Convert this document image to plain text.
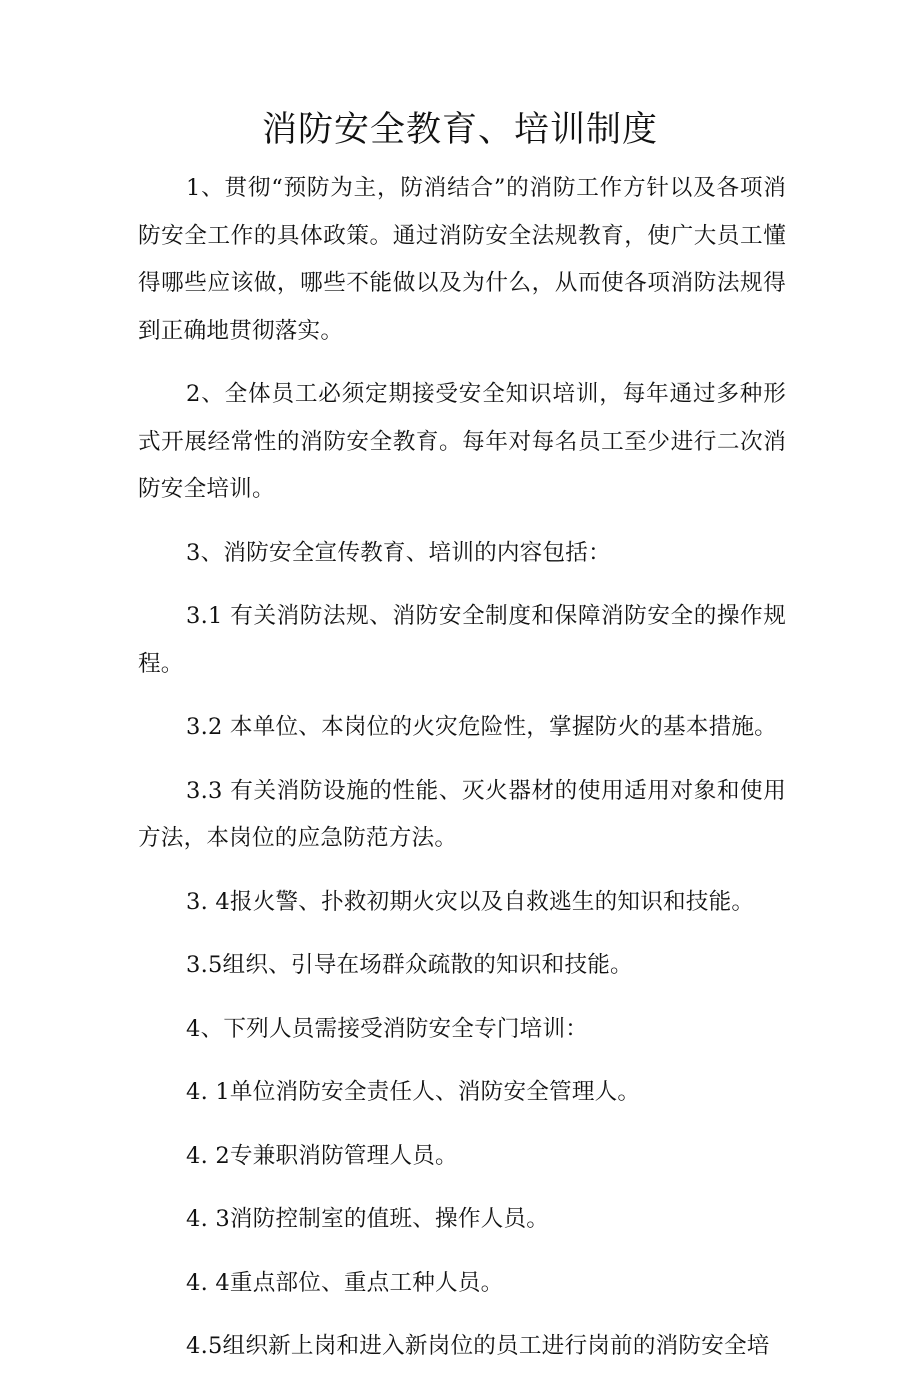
消防安全教育、培训制度

1、贯彻“预防为主，防消结合”的消防工作方针以及各项消防安全工作的具体政策。通过消防安全法规教育，使广大员工懂得哪些应该做，哪些不能做以及为什么，从而使各项消防法规得到正确地贯彻落实。

2、全体员工必须定期接受安全知识培训，每年通过多种形式开展经常性的消防安全教育。每年对每名员工至少进行二次消防安全培训。

3、消防安全宣传教育、培训的内容包括：

3.1 有关消防法规、消防安全制度和保障消防安全的操作规程。

3.2 本单位、本岗位的火灾危险性，掌握防火的基本措施。

3.3 有关消防设施的性能、灭火器材的使用适用对象和使用方法，本岗位的应急防范方法。

3. 4报火警、扑救初期火灾以及自救逃生的知识和技能。

3.5组织、引导在场群众疏散的知识和技能。

4、下列人员需接受消防安全专门培训：

4. 1单位消防安全责任人、消防安全管理人。

4. 2专兼职消防管理人员。

4. 3消防控制室的值班、操作人员。

4. 4重点部位、重点工种人员。

4.5组织新上岗和进入新岗位的员工进行岗前的消防安全培
